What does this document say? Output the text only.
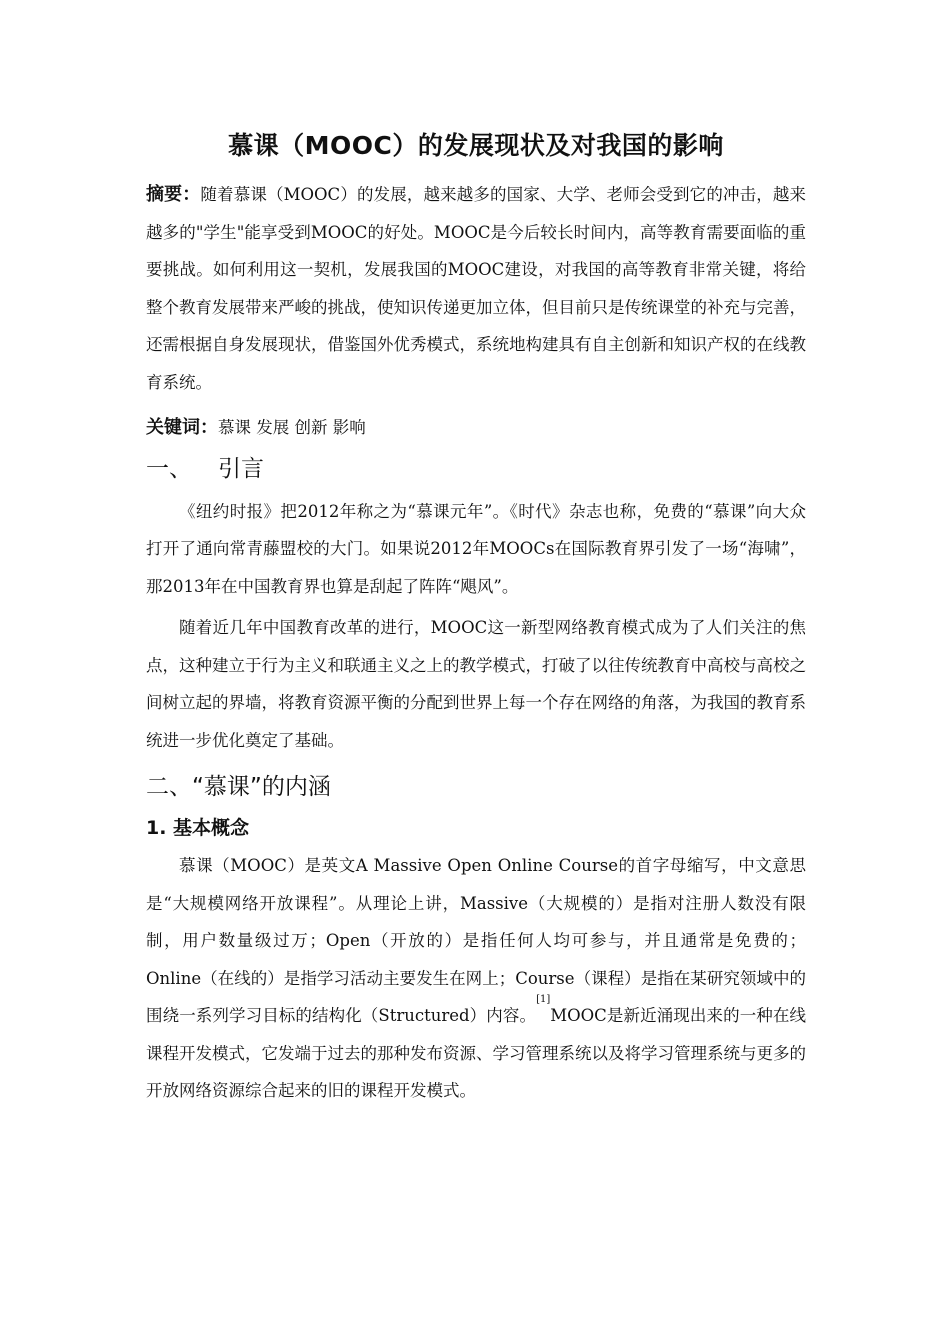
慕课（MOOC）的发展现状及对我国的影响

摘要：随着慕课（MOOC）的发展，越来越多的国家、大学、老师会受到它的冲击，越来越多的"学生"能享受到MOOC的好处。MOOC是今后较长时间内，高等教育需要面临的重要挑战。如何利用这一契机，发展我国的MOOC建设，对我国的高等教育非常关键，将给整个教育发展带来严峻的挑战，使知识传递更加立体，但目前只是传统课堂的补充与完善，还需根据自身发展现状，借鉴国外优秀模式，系统地构建具有自主创新和知识产权的在线教育系统。

关键词：慕课 发展 创新 影响

一、 引言

《纽约时报》把2012年称之为“慕课元年”。《时代》杂志也称，免费的“慕课”向大众打开了通向常青藤盟校的大门。如果说2012年MOOCs在国际教育界引发了一场“海啸”，那2013年在中国教育界也算是刮起了阵阵“飓风”。

随着近几年中国教育改革的进行，MOOC这一新型网络教育模式成为了人们关注的焦点，这种建立于行为主义和联通主义之上的教学模式，打破了以往传统教育中高校与高校之间树立起的界墙，将教育资源平衡的分配到世界上每一个存在网络的角落，为我国的教育系统进一步优化奠定了基础。

二、“慕课”的内涵
1. 基本概念

慕课（MOOC）是英文A Massive Open Online Course的首字母缩写，中文意思是“大规模网络开放课程”。从理论上讲，Massive（大规模的）是指对注册人数没有限制，用户数量级过万；Open（开放的）是指任何人均可参与，并且通常是免费的；Online（在线的）是指学习活动主要发生在网上；Course（课程）是指在某研究领域中的围绕一系列学习目标的结构化（Structured）内容。[1]MOOC是新近涌现出来的一种在线课程开发模式，它发端于过去的那种发布资源、学习管理系统以及将学习管理系统与更多的开放网络资源综合起来的旧的课程开发模式。
